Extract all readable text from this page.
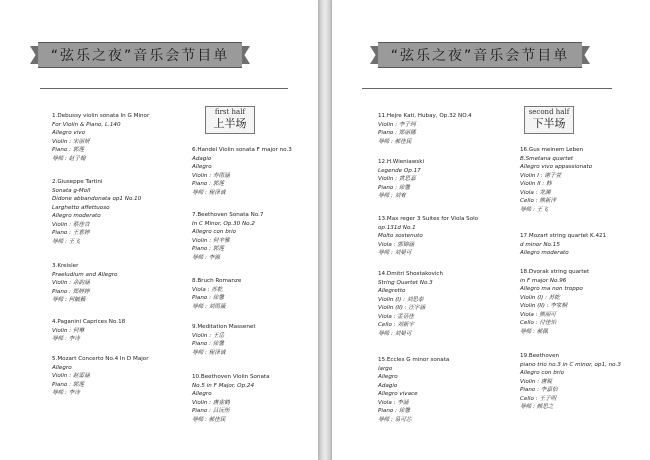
“弦乐之夜”音乐会节目单
first half
上半场
1.Debussy violin sonata In G Minor
For Violin & Piano, L.140
Allegro vivo
Violin : 宋丽妍
Piano : 郭莲
导师 : 赵子翰
2.Giuseppe Tartini
Sonata g-Moll
Didone abbandonata op1 No.10
Larghetto affettuoso
Allegro moderato
Violin : 蔡佳音
Piano : 王意婷
导师 : 王飞
3.Kreisler
Praeludium and Allegro
Violin : 余韵涵
Piano : 郑婷婷
导师 : 何毓籁
4.Paganini Caprices No.18
Violin : 何琳
导师 : 李诗
5.Mozart Concerto No.4 In D Major
Allegro
Violin : 赵雷涵
Piano : 郭莲
导师 : 李诗
6.Handel Violin sonata F major no.3
Adagio
Allegro
Violin : 寿雨涵
Piano : 郭莲
导师 : 程泽诚
7.Beethoven Sonata No.7
In C Minor, Op.30 No.2
Allegro con brio
Violin : 何辛雅
Piano : 郭莲
导师 : 李源
8.Bruch Romanze
Viola : 苏乾
Piano : 徐馨
导师 : 刘雨薇
9.Meditation Massenet
Violin : 王岳
Piano : 徐馨
导师 : 程泽诚
10.Beethoven Violin Sonata
No.5 in F Major, Op.24
Allegro
Violin : 唐雀鹤
Piano : 吕沅彤
导师 : 郝佳民
“弦乐之夜”音乐会节目单
second half
下半场
11.Hejre Kati, Hubay, Op.32 NO.4
Violin : 李子珂
Piano : 郑丽娜
导师 : 郝佳民
12.H.Wieniawski
Legende Op.17
Violin : 黄思嘉
Piano : 徐馨
导师 : 刘宥
13.Max reger 3 Suites for Viola Solo
op.131d No.1
Molto sostenuto
Viola : 郭锦涵
导师 : 刘晏可
14.Dmitri Shostakovich
String Quartet No.3
Allegretto
Violin (I) : 刘思泰
Violin (II) : 汪宇涵
Viola : 孟蓓佳
Cello : 刘新宇
导师 : 刘晏可
15.Eccles G minor sonata
largo
Allegro
Adagio
Allegro vivace
Viola : 李涵
Piano : 徐馨
导师 : 易可芯
16.Gus meinem Leben
B.Smetana quartet
Allegro vivo appassionato
Violin I : 谢子萱
Violin II : 韩
Viola : 龙渊
Cello : 熊新洋
导师 : 王飞
17.Mozart string quartet K.421
d minor No.15
Allegro moderato
18.Dvorak string quartet
in F major No.96
Allegro ma non troppo
Violin (I) : 苏乾
Violin (II) : 李家桐
Viola : 熊丽可
Cello : 付佳怡
导师 : 郝佩
19.Beethoven
piano trio no.3 in C minor, op1, no.3
Allegro con brio
Violin : 唐锐
Piano : 李嘉怡
Cello : 王子明
导师 : 颜思之
